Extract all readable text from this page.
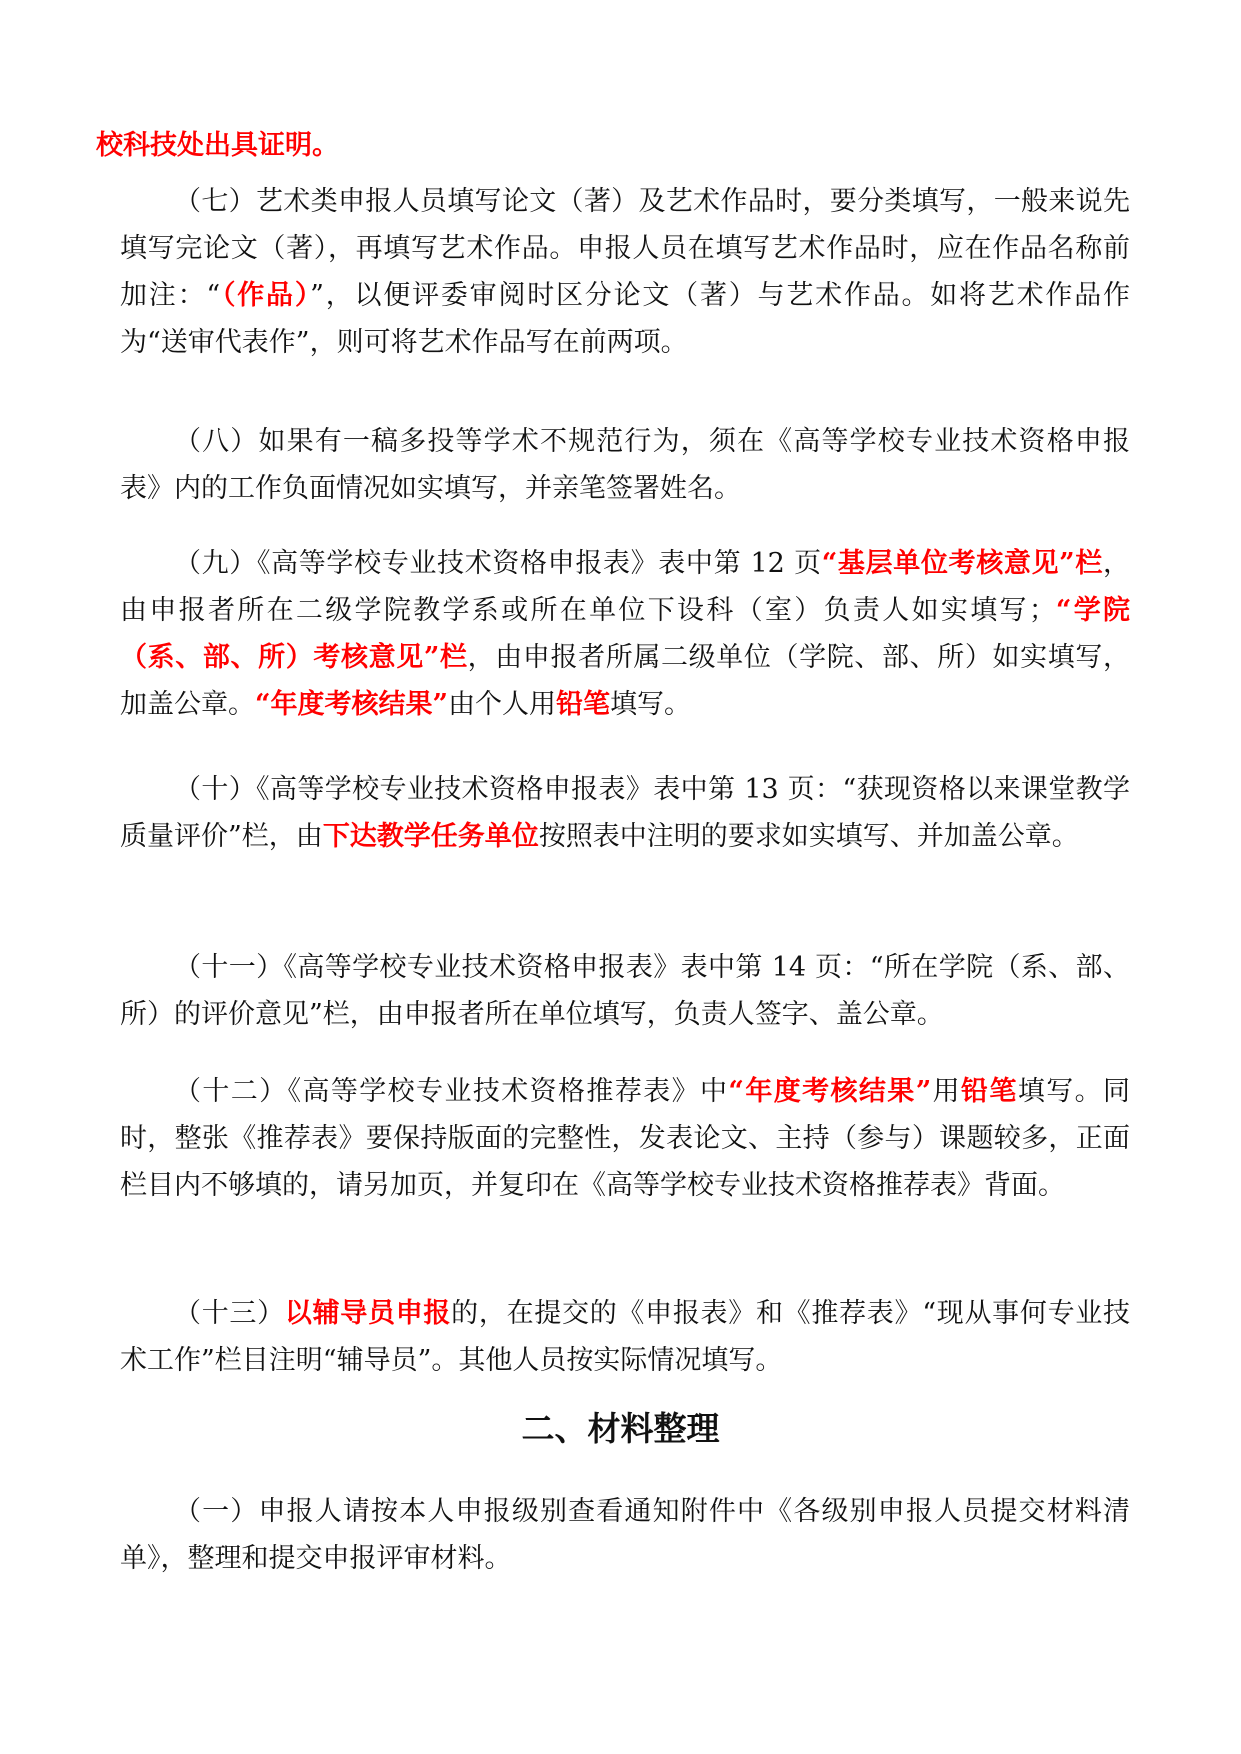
校科技处出具证明。

（七）艺术类申报人员填写论文（著）及艺术作品时，要分类填写，一般来说先填写完论文（著），再填写艺术作品。申报人员在填写艺术作品时，应在作品名称前加注：“（作品）”，以便评委审阅时区分论文（著）与艺术作品。如将艺术作品作为“送审代表作”，则可将艺术作品写在前两项。

（八）如果有一稿多投等学术不规范行为，须在《高等学校专业技术资格申报表》内的工作负面情况如实填写，并亲笔签署姓名。

（九）《高等学校专业技术资格申报表》表中第 12 页“基层单位考核意见”栏，由申报者所在二级学院教学系或所在单位下设科（室）负责人如实填写；“学院（系、部、所）考核意见”栏，由申报者所属二级单位（学院、部、所）如实填写，加盖公章。“年度考核结果”由个人用铅笔填写。

（十）《高等学校专业技术资格申报表》表中第 13 页：“获现资格以来课堂教学质量评价”栏，由下达教学任务单位按照表中注明的要求如实填写、并加盖公章。

（十一）《高等学校专业技术资格申报表》表中第 14 页：“所在学院（系、部、所）的评价意见”栏，由申报者所在单位填写，负责人签字、盖公章。

（十二）《高等学校专业技术资格推荐表》中“年度考核结果”用铅笔填写。同时，整张《推荐表》要保持版面的完整性，发表论文、主持（参与）课题较多，正面栏目内不够填的，请另加页，并复印在《高等学校专业技术资格推荐表》背面。

（十三）以辅导员申报的，在提交的《申报表》和《推荐表》“现从事何专业技术工作”栏目注明“辅导员”。其他人员按实际情况填写。

二、材料整理

（一）申报人请按本人申报级别查看通知附件中《各级别申报人员提交材料清单》，整理和提交申报评审材料。
